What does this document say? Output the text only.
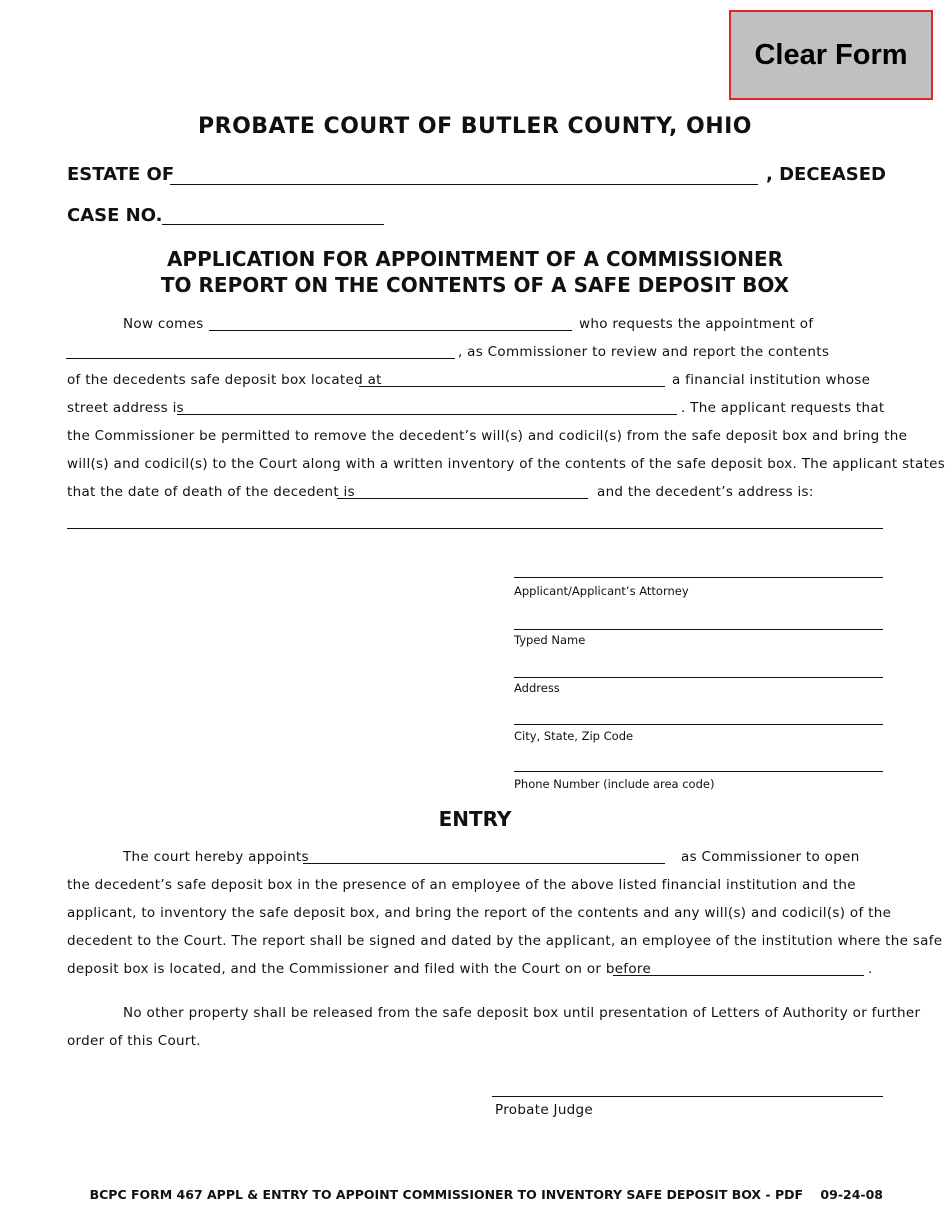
Clear Form
PROBATE COURT OF BUTLER COUNTY, OHIO
ESTATE OF	, DECEASED
CASE NO.
APPLICATION FOR APPOINTMENT OF A COMMISSIONER
TO REPORT ON THE CONTENTS OF A SAFE DEPOSIT BOX
Now comes	who requests the appointment of
, as Commissioner to review and report the contents
of the decedents safe deposit box located at	a financial institution whose
street address is	. The applicant requests that
the Commissioner be permitted to remove the decedent’s will(s) and codicil(s) from the safe deposit box and bring the
will(s) and codicil(s) to the Court along with a written inventory of the contents of the safe deposit box. The applicant states
that the date of death of the decedent is	and the decedent’s address is:
Applicant/Applicant’s Attorney
Typed Name
Address
City, State, Zip Code
Phone Number (include area code)
ENTRY
The court hereby appoints	as Commissioner to open
the decedent’s safe deposit box in the presence of an employee of the above listed financial institution and the
applicant, to inventory the safe deposit box, and bring the report of the contents and any will(s) and codicil(s) of the
decedent to the Court. The report shall be signed and dated by the applicant, an employee of the institution where the safe
deposit box is located, and the Commissioner and filed with the Court on or before	.
No other property shall be released from the safe deposit box until presentation of Letters of Authority or further
order of this Court.
Probate Judge
BCPC FORM 467 APPL & ENTRY TO APPOINT COMMISSIONER TO INVENTORY SAFE DEPOSIT BOX - PDF    09-24-08
